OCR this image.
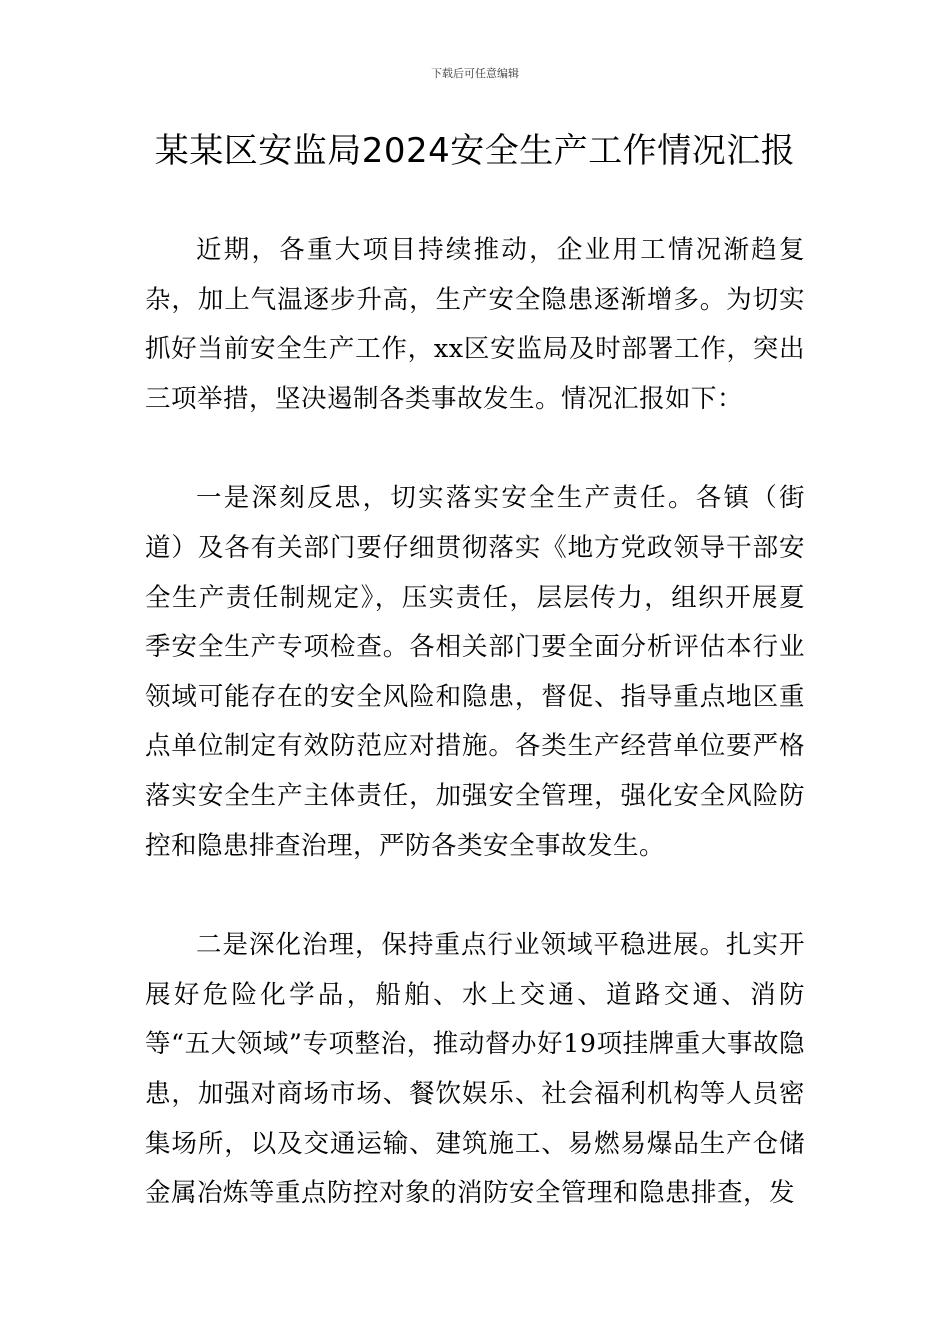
下载后可任意编辑
某某区安监局2024安全生产工作情况汇报

近期，各重大项目持续推动，企业用工情况渐趋复杂，加上气温逐步升高，生产安全隐患逐渐增多。为切实抓好当前安全生产工作，xx区安监局及时部署工作，突出三项举措，坚决遏制各类事故发生。情况汇报如下：

一是深刻反思，切实落实安全生产责任。各镇（街道）及各有关部门要仔细贯彻落实《地方党政领导干部安全生产责任制规定》，压实责任，层层传力，组织开展夏季安全生产专项检查。各相关部门要全面分析评估本行业领域可能存在的安全风险和隐患，督促、指导重点地区重点单位制定有效防范应对措施。各类生产经营单位要严格落实安全生产主体责任，加强安全管理，强化安全风险防控和隐患排查治理，严防各类安全事故发生。

二是深化治理，保持重点行业领域平稳进展。扎实开展好危险化学品，船舶、水上交通、道路交通、消防等“五大领域”专项整治，推动督办好19项挂牌重大事故隐患，加强对商场市场、餐饮娱乐、社会福利机构等人员密集场所，以及交通运输、建筑施工、易燃易爆品生产仓储金属冶炼等重点防控对象的消防安全管理和隐患排查，发
